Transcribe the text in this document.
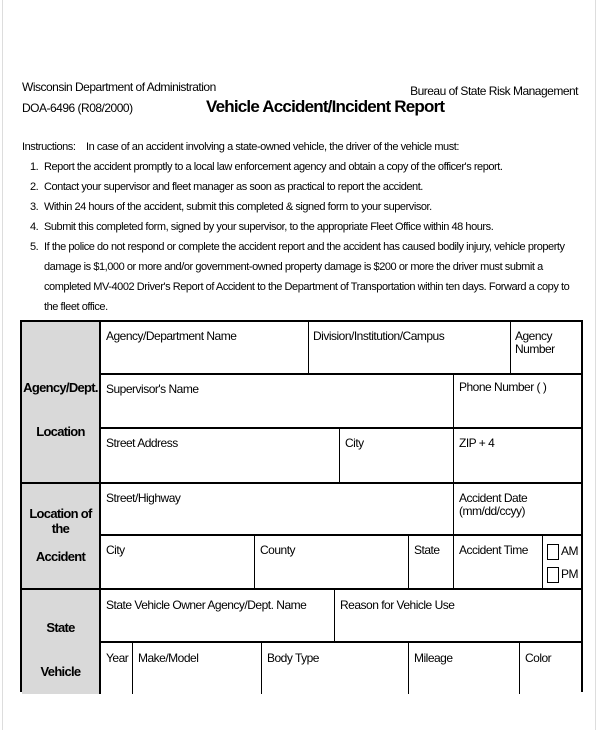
Wisconsin Department of Administration
DOA-6496 (R08/2000)	Vehicle Accident/Incident Report
Bureau of State Risk Management
Instructions: In case of an accident involving a state-owned vehicle, the driver of the vehicle must:
1. Report the accident promptly to a local law enforcement agency and obtain a copy of the officer's report.
2. Contact your supervisor and fleet manager as soon as practical to report the accident.
3. Within 24 hours of the accident, submit this completed & signed form to your supervisor.
4. Submit this completed form, signed by your supervisor, to the appropriate Fleet Office within 48 hours.
5. If the police do not respond or complete the accident report and the accident has caused bodily injury, vehicle property damage is $1,000 or more and/or government-owned property damage is $200 or more the driver must submit a completed MV-4002 Driver's Report of Accident to the Department of Transportation within ten days. Forward a copy to the fleet office.
Agency/Dept.
Location
Location of the
Accident
State
Vehicle
Agency/Department Name	Division/Institution/Campus	Agency Number
Supervisor's Name	Phone Number ( )
Street Address	City	ZIP + 4
Street/Highway	Accident Date (mm/dd/ccyy)
City	County	State	Accident Time	AM
PM
State Vehicle Owner Agency/Dept. Name	Reason for Vehicle Use
Year Make/Model	Body Type	Mileage	Color
